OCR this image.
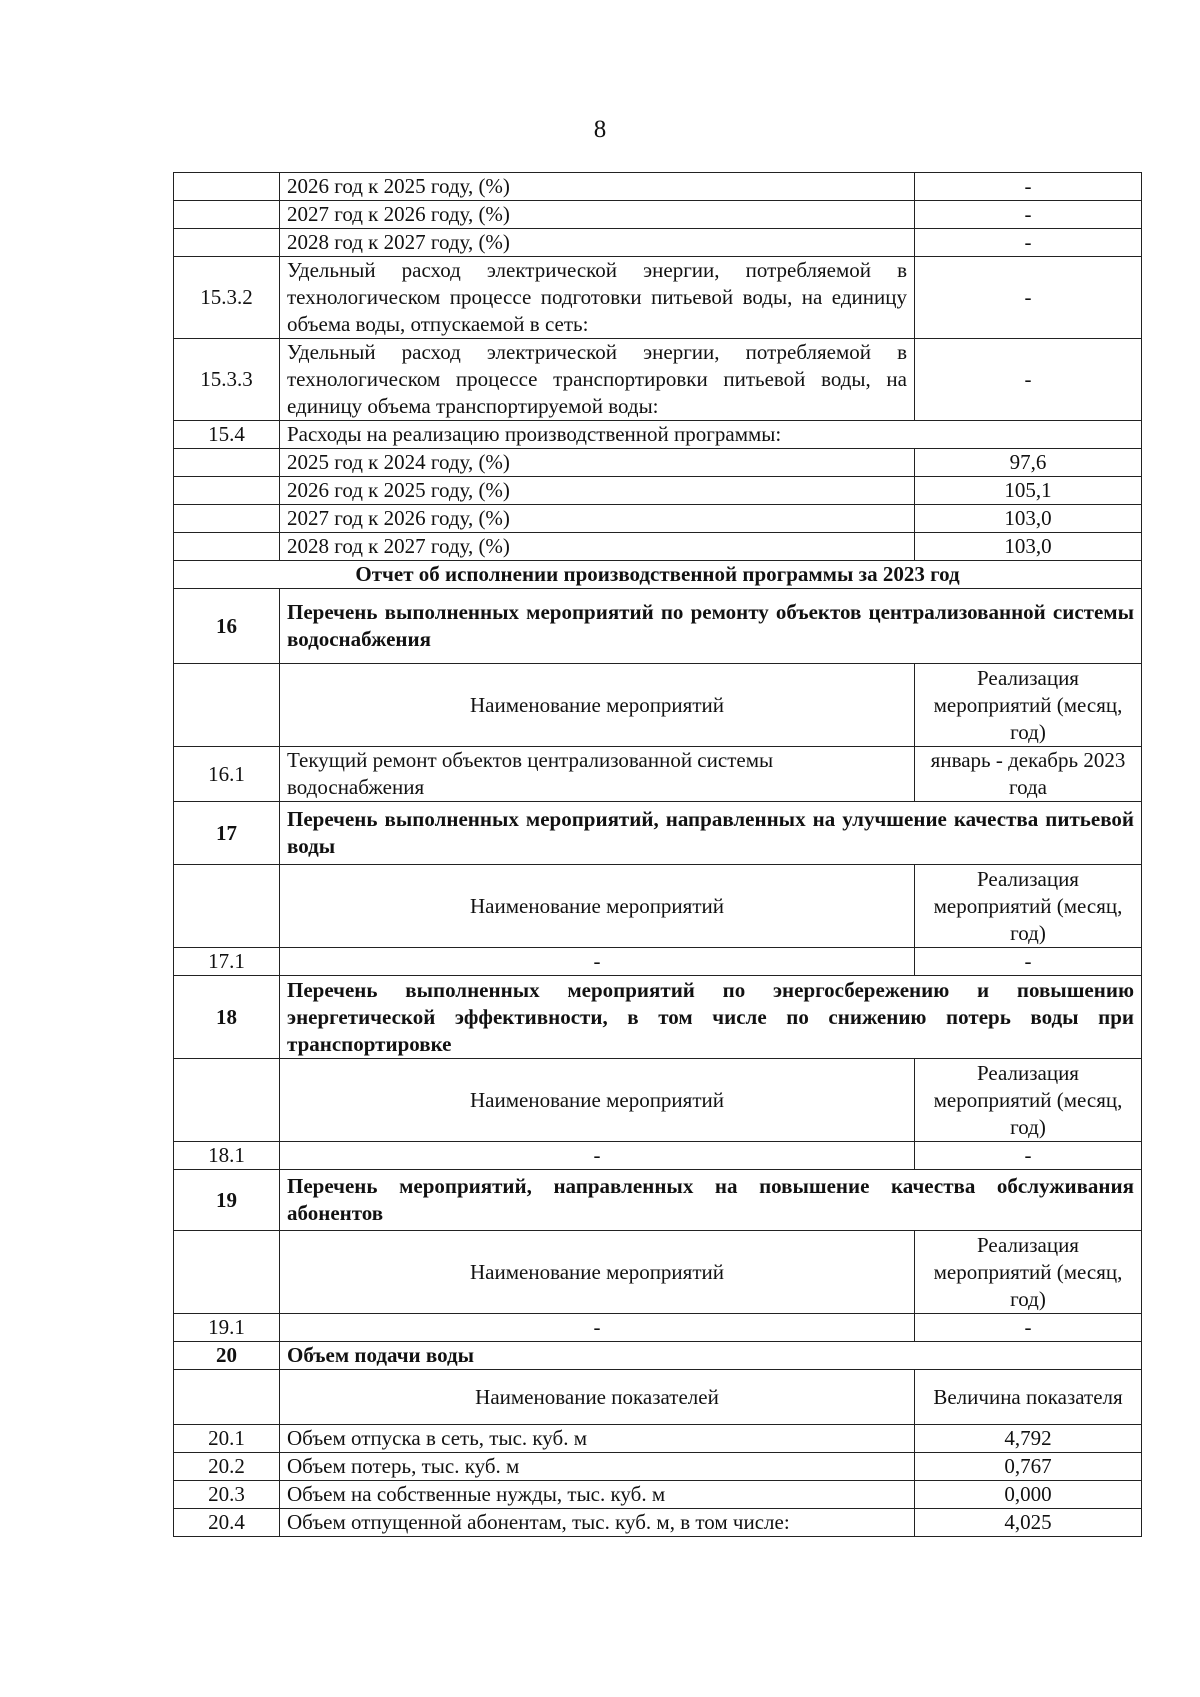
8
	2026 год к 2025 году, (%)	-
	2027 год к 2026 году, (%)	-
	2028 год к 2027 году, (%)	-
15.3.2	Удельный расход электрической энергии, потребляемой в технологическом процессе подготовки питьевой воды, на единицу объема воды, отпускаемой в сеть:	-
15.3.3	Удельный расход электрической энергии, потребляемой в технологическом процессе транспортировки питьевой воды, на единицу объема транспортируемой воды:	-
15.4	Расходы на реализацию производственной программы:	
	2025 год к 2024 году, (%)	97,6
	2026 год к 2025 году, (%)	105,1
	2027 год к 2026 году, (%)	103,0
	2028 год к 2027 году, (%)	103,0
Отчет об исполнении производственной программы за 2023 год		
16	Перечень выполненных мероприятий по ремонту объектов централизованной системы водоснабжения	
	Наименование мероприятий	Реализация мероприятий (месяц, год)
16.1	Текущий ремонт объектов централизованной системы водоснабжения	январь - декабрь 2023 года
17	Перечень выполненных мероприятий, направленных на улучшение качества питьевой воды	
	Наименование мероприятий	Реализация мероприятий (месяц, год)
17.1	-	-
18	Перечень выполненных мероприятий по энергосбережению и повышению энергетической эффективности, в том числе по снижению потерь воды при транспортировке	
	Наименование мероприятий	Реализация мероприятий (месяц, год)
18.1	-	-
19	Перечень мероприятий, направленных на повышение качества обслуживания абонентов	
	Наименование мероприятий	Реализация мероприятий (месяц, год)
19.1	-	-
20	Объем подачи воды	
	Наименование показателей	Величина показателя
20.1	Объем отпуска в сеть, тыс. куб. м	4,792
20.2	Объем потерь, тыс. куб. м	0,767
20.3	Объем на собственные нужды, тыс. куб. м	0,000
20.4	Объем отпущенной абонентам, тыс. куб. м, в том числе:	4,025
